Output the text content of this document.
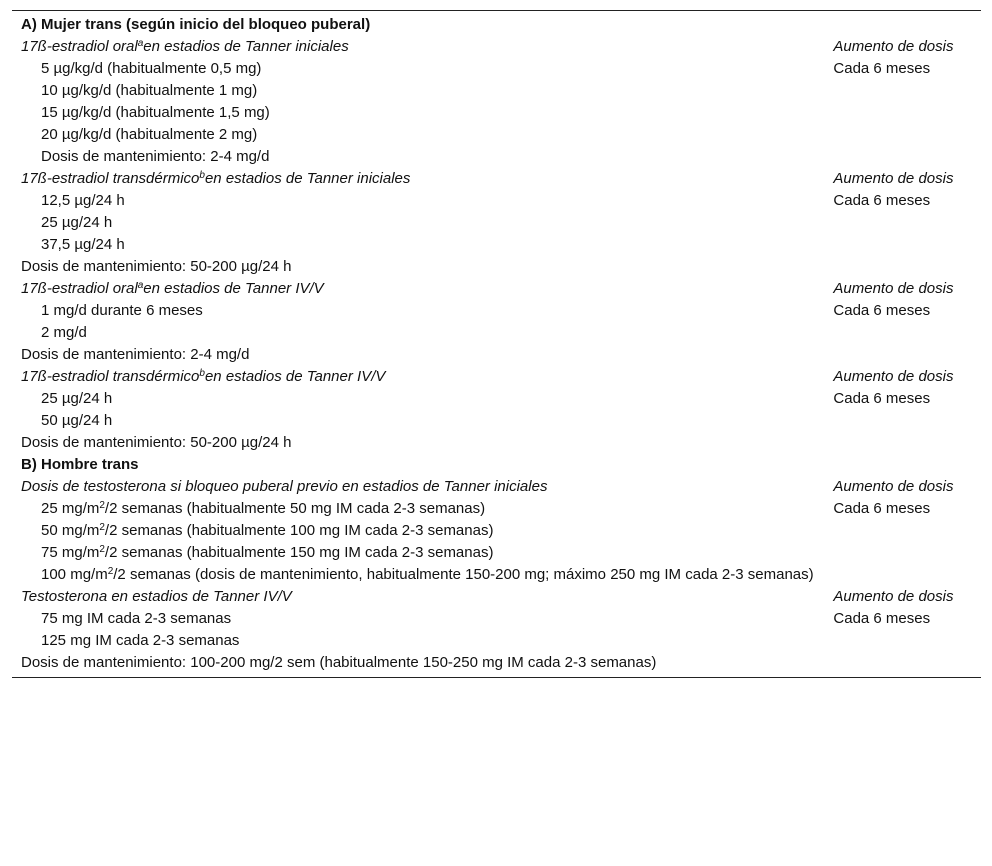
A) Mujer trans (según inicio del bloqueo puberal)	
17ß-estradiol oral$^a$en estadios de Tanner iniciales	Aumento de dosis
5 µg/kg/d (habitualmente 0,5 mg)	Cada 6 meses
10 µg/kg/d (habitualmente 1 mg)	
15 µg/kg/d (habitualmente 1,5 mg)	
20 µg/kg/d (habitualmente 2 mg)	
Dosis de mantenimiento: 2-4 mg/d	
17ß-estradiol transdérmico$^b$en estadios de Tanner iniciales	Aumento de dosis
12,5 µg/24 h	Cada 6 meses
25 µg/24 h	
37,5 µg/24 h	
Dosis de mantenimiento: 50-200 µg/24 h	
17ß-estradiol oral$^a$en estadios de Tanner IV/V	Aumento de dosis
1 mg/d durante 6 meses	Cada 6 meses
2 mg/d	
Dosis de mantenimiento: 2-4 mg/d	
17ß-estradiol transdérmico$^b$en estadios de Tanner IV/V	Aumento de dosis
25 µg/24 h	Cada 6 meses
50 µg/24 h	
Dosis de mantenimiento: 50-200 µg/24 h	
B) Hombre trans	
Dosis de testosterona si bloqueo puberal previo en estadios de Tanner iniciales	Aumento de dosis
25 $mg/m^2/2$ semanas (habitualmente 50 mg IM cada 2-3 semanas)	Cada 6 meses
50 $mg/m^2/2$ semanas (habitualmente 100 mg IM cada 2-3 semanas)	
75 $mg/m^2/2$ semanas (habitualmente 150 mg IM cada 2-3 semanas)	
100 $mg/m^2/2$ semanas (dosis de mantenimiento, habitualmente 150-200 mg; máximo 250 mg IM cada 2-3 semanas)	
Testosterona en estadios de Tanner IV/V	Aumento de dosis
75 mg IM cada 2-3 semanas	Cada 6 meses
125 mg IM cada 2-3 semanas	
Dosis de mantenimiento: 100-200 mg/2 sem (habitualmente 150-250 mg IM cada 2-3 semanas)	
